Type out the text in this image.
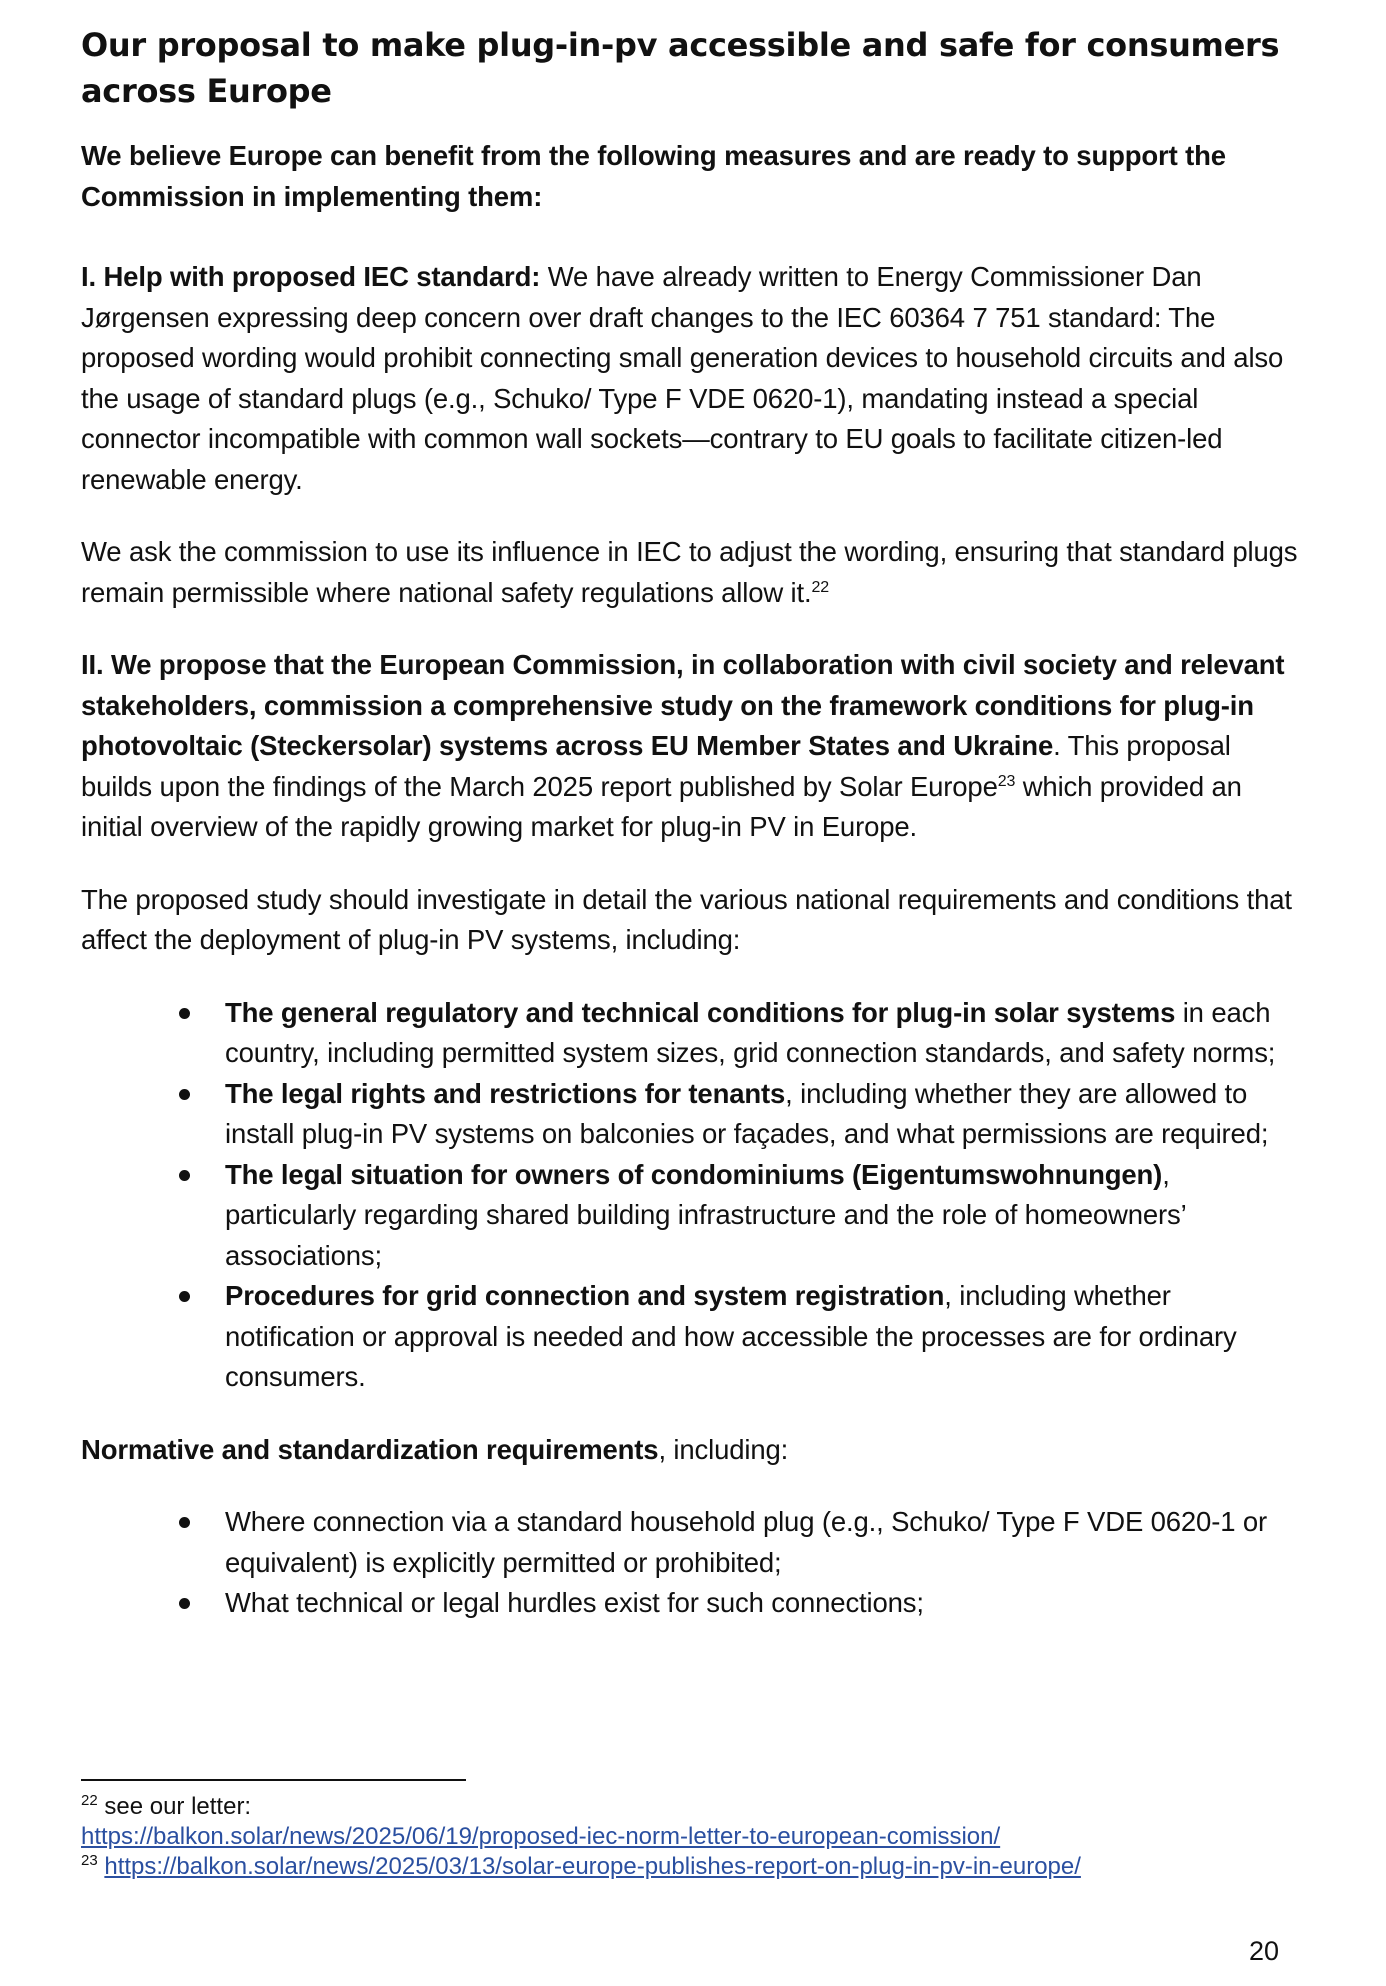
Our proposal to make plug-in-pv accessible and safe for consumers across Europe

We believe Europe can benefit from the following measures and are ready to support the Commission in implementing them:

I. Help with proposed IEC standard: We have already written to Energy Commissioner Dan Jørgensen expressing deep concern over draft changes to the IEC 60364 7 751 standard: The proposed wording would prohibit connecting small generation devices to household circuits and also the usage of standard plugs (e.g., Schuko/ Type F VDE 0620-1), mandating instead a special connector incompatible with common wall sockets—contrary to EU goals to facilitate citizen-led renewable energy.

We ask the commission to use its influence in IEC to adjust the wording, ensuring that standard plugs remain permissible where national safety regulations allow it.$^{22}$

II. We propose that the European Commission, in collaboration with civil society and relevant stakeholders, commission a comprehensive study on the framework conditions for plug-in photovoltaic (Steckersolar) systems across EU Member States and Ukraine. This proposal builds upon the findings of the March 2025 report published by Solar Europe$^{23}$ which provided an initial overview of the rapidly growing market for plug-in PV in Europe.

The proposed study should investigate in detail the various national requirements and conditions that affect the deployment of plug-in PV systems, including:

The general regulatory and technical conditions for plug-in solar systems in each country, including permitted system sizes, grid connection standards, and safety norms;
The legal rights and restrictions for tenants, including whether they are allowed to install plug-in PV systems on balconies or façades, and what permissions are required;
The legal situation for owners of condominiums (Eigentumswohnungen), particularly regarding shared building infrastructure and the role of homeowners’ associations;
Procedures for grid connection and system registration, including whether notification or approval is needed and how accessible the processes are for ordinary consumers.

Normative and standardization requirements, including:

Where connection via a standard household plug (e.g., Schuko/ Type F VDE 0620-1 or equivalent) is explicitly permitted or prohibited;
What technical or legal hurdles exist for such connections;
$^{22}$ see our letter:
https://balkon.solar/news/2025/06/19/proposed-iec-norm-letter-to-european-comission/
$^{23}$ https://balkon.solar/news/2025/03/13/solar-europe-publishes-report-on-plug-in-pv-in-europe/
20
